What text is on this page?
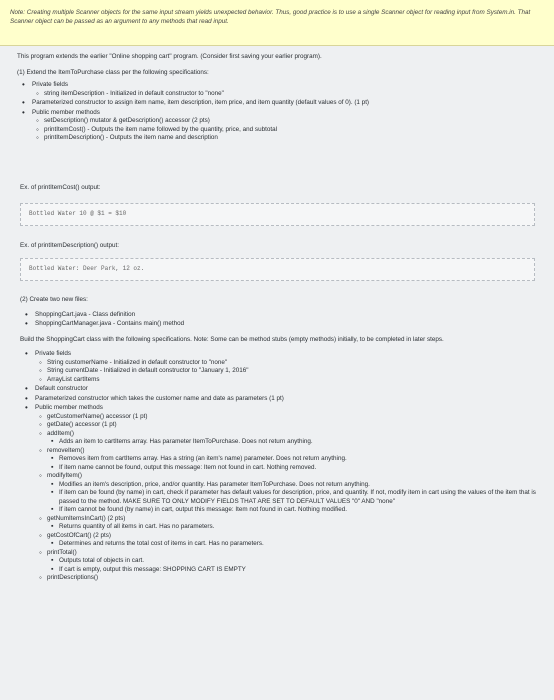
Note: Creating multiple Scanner objects for the same input stream yields unexpected behavior. Thus, good practice is to use a single Scanner object for reading input from System.in. That Scanner object can be passed as an argument to any methods that read input.

This program extends the earlier "Online shopping cart" program. (Consider first saving your earlier program).

(1) Extend the ItemToPurchase class per the following specifications:

• Private fields
◦ string itemDescription - Initialized in default constructor to "none"
• Parameterized constructor to assign item name, item description, item price, and item quantity (default values of 0). (1 pt)
• Public member methods
◦ setDescription() mutator & getDescription() accessor (2 pts)
◦ printItemCost() - Outputs the item name followed by the quantity, price, and subtotal
◦ printItemDescription() - Outputs the item name and description
Ex. of printItemCost() output:
Bottled Water 10 @ $1 = $10
Ex. of printItemDescription() output:
Bottled Water: Deer Park, 12 oz.

(2) Create two new files:

• ShoppingCart.java - Class definition
• ShoppingCartManager.java - Contains main() method

Build the ShoppingCart class with the following specifications. Note: Some can be method stubs (empty methods) initially, to be completed in later steps.

• Private fields
◦ String customerName - Initialized in default constructor to "none"
◦ String currentDate - Initialized in default constructor to "January 1, 2016"
◦ ArrayList cartItems
• Default constructor
• Parameterized constructor which takes the customer name and date as parameters (1 pt)
• Public member methods
◦ getCustomerName() accessor (1 pt)
◦ getDate() accessor (1 pt)
◦ addItem()
▪ Adds an item to cartItems array. Has parameter ItemToPurchase. Does not return anything.
◦ removeItem()
▪ Removes item from cartItems array. Has a string (an item's name) parameter. Does not return anything.
▪ If item name cannot be found, output this message: Item not found in cart. Nothing removed.
◦ modifyItem()
▪ Modifies an item's description, price, and/or quantity. Has parameter ItemToPurchase. Does not return anything.
▪ If item can be found (by name) in cart, check if parameter has default values for description, price, and quantity. If not, modify item in cart using the values of the item that is passed to the method. MAKE SURE TO ONLY MODIFY FIELDS THAT ARE SET TO DEFAULT VALUES "0" AND "none"
▪ If item cannot be found (by name) in cart, output this message: Item not found in cart. Nothing modified.
◦ getNumItemsInCart() (2 pts)
▪ Returns quantity of all items in cart. Has no parameters.
◦ getCostOfCart() (2 pts)
▪ Determines and returns the total cost of items in cart. Has no parameters.
◦ printTotal()
▪ Outputs total of objects in cart.
▪ If cart is empty, output this message: SHOPPING CART IS EMPTY
◦ printDescriptions()
